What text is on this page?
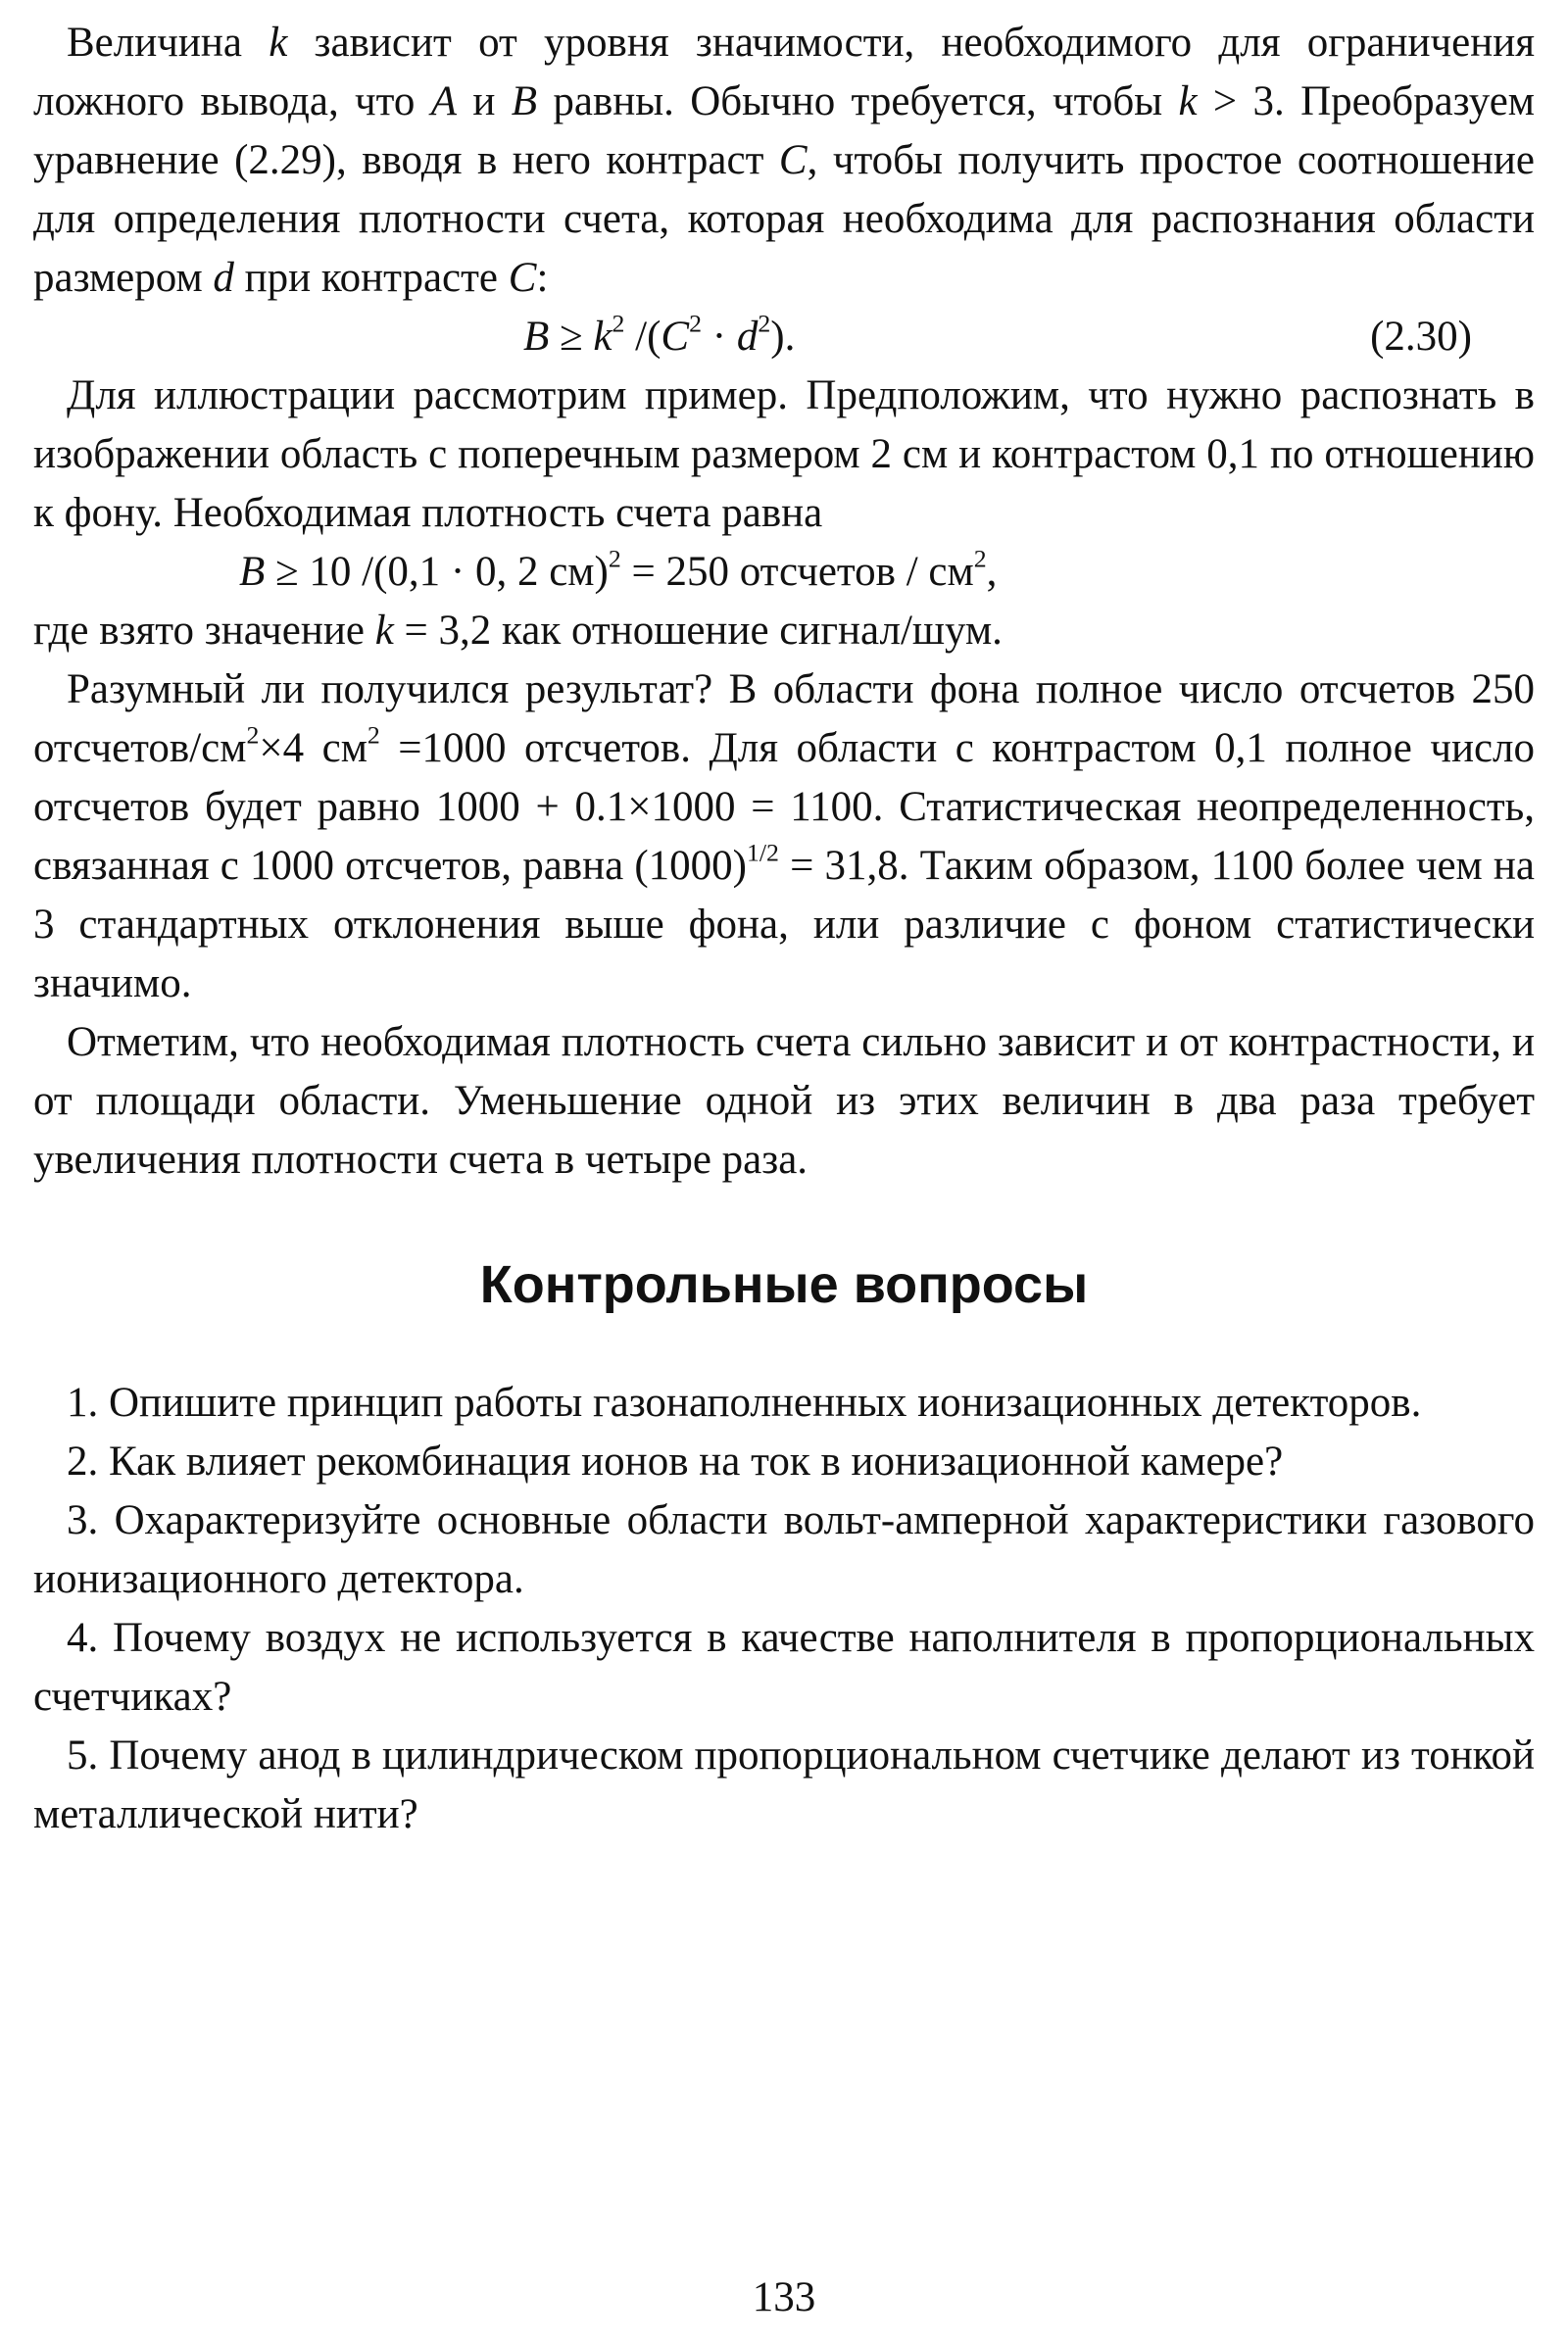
Величина k зависит от уровня значимости, необходимого для ограничения ложного вывода, что A и B равны. Обычно требуется, чтобы k > 3. Преобразуем уравнение (2.29), вводя в него контраст C, чтобы получить простое соотношение для определения плотности счета, которая необходима для распознания области размером d при контрасте C:

$B \ge k^2$ $/(C^2 \cdot d^2)$.	(2.30)

Для иллюстрации рассмотрим пример. Предположим, что нужно распознать в изображении область с поперечным размером 2 см и контрастом 0,1 по отношению к фону. Необходимая плотность счета равна

B ≥ 10 /(0,1 · 0, 2 см)$^2$ = 250 отсчетов / $см^2$,

где взято значение k = 3,2 как отношение сигнал/шум.

Разумный ли получился результат? В области фона полное число отсчетов 250 отсчетов/$см^2\times 4$ $см^2 =1000$ отсчетов. Для области с контрастом 0,1 полное число отсчетов будет равно 1000 + 0.1×1000 = 1100. Статистическая неопределенность, связанная с 1000 отсчетов, равна $(1000)^{1/2} = 31,8$. Таким образом, 1100 более чем на 3 стандартных отклонения выше фона, или различие с фоном статистически значимо.

Отметим, что необходимая плотность счета сильно зависит и от контрастности, и от площади области. Уменьшение одной из этих величин в два раза требует увеличения плотности счета в четыре раза.

Контрольные вопросы

1. Опишите принцип работы газонаполненных ионизационных детекторов.

2. Как влияет рекомбинация ионов на ток в ионизационной камере?

3. Охарактеризуйте основные области вольт-амперной характеристики газового ионизационного детектора.

4. Почему воздух не используется в качестве наполнителя в пропорциональных счетчиках?

5. Почему анод в цилиндрическом пропорциональном счетчике делают из тонкой металлической нити?

133
